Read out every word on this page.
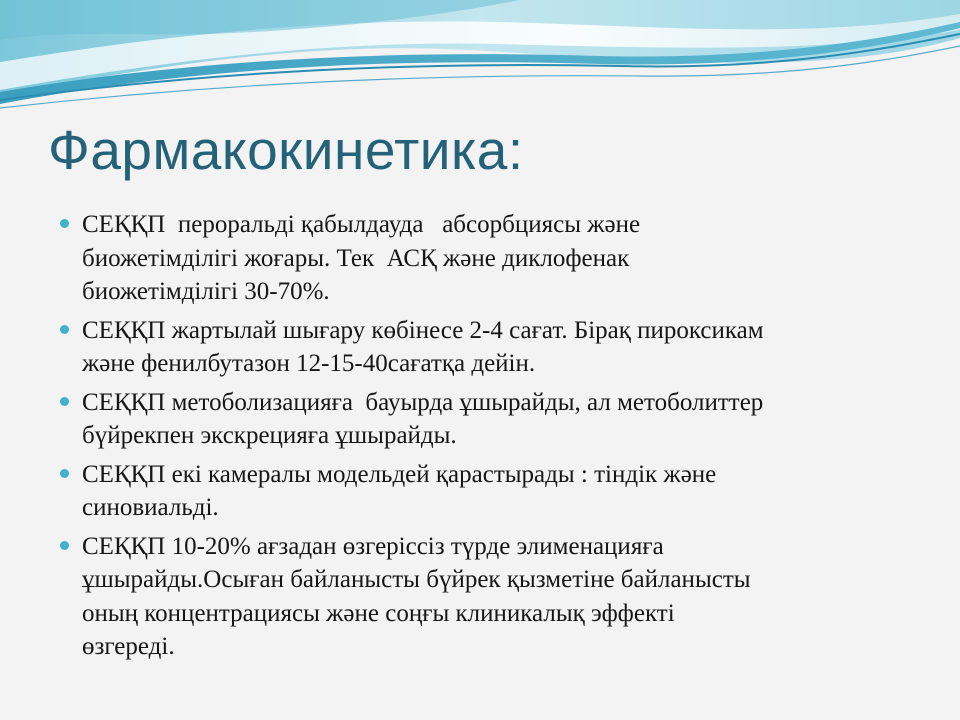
Фармакокинетика:
СЕҚҚП  пероральді қабылдауда   абсорбциясы және
биожетімділігі жоғары. Тек  АСҚ және диклофенак
биожетімділігі 30-70%.
СЕҚҚП жартылай шығару көбінесе 2-4 сағат. Бірақ пироксикам
және фенилбутазон 12-15-40сағатқа дейін.
СЕҚҚП метоболизацияға  бауырда ұшырайды, ал метоболиттер
бүйрекпен экскрецияға ұшырайды.
СЕҚҚП екі камералы модельдей қарастырады : тіндік және
синовиальді.
СЕҚҚП 10-20% ағзадан өзгеріссіз түрде элименацияға
ұшырайды.Осыған байланысты бүйрек қызметіне байланысты
оның концентрациясы және соңғы клиникалық эффекті
өзгереді.
